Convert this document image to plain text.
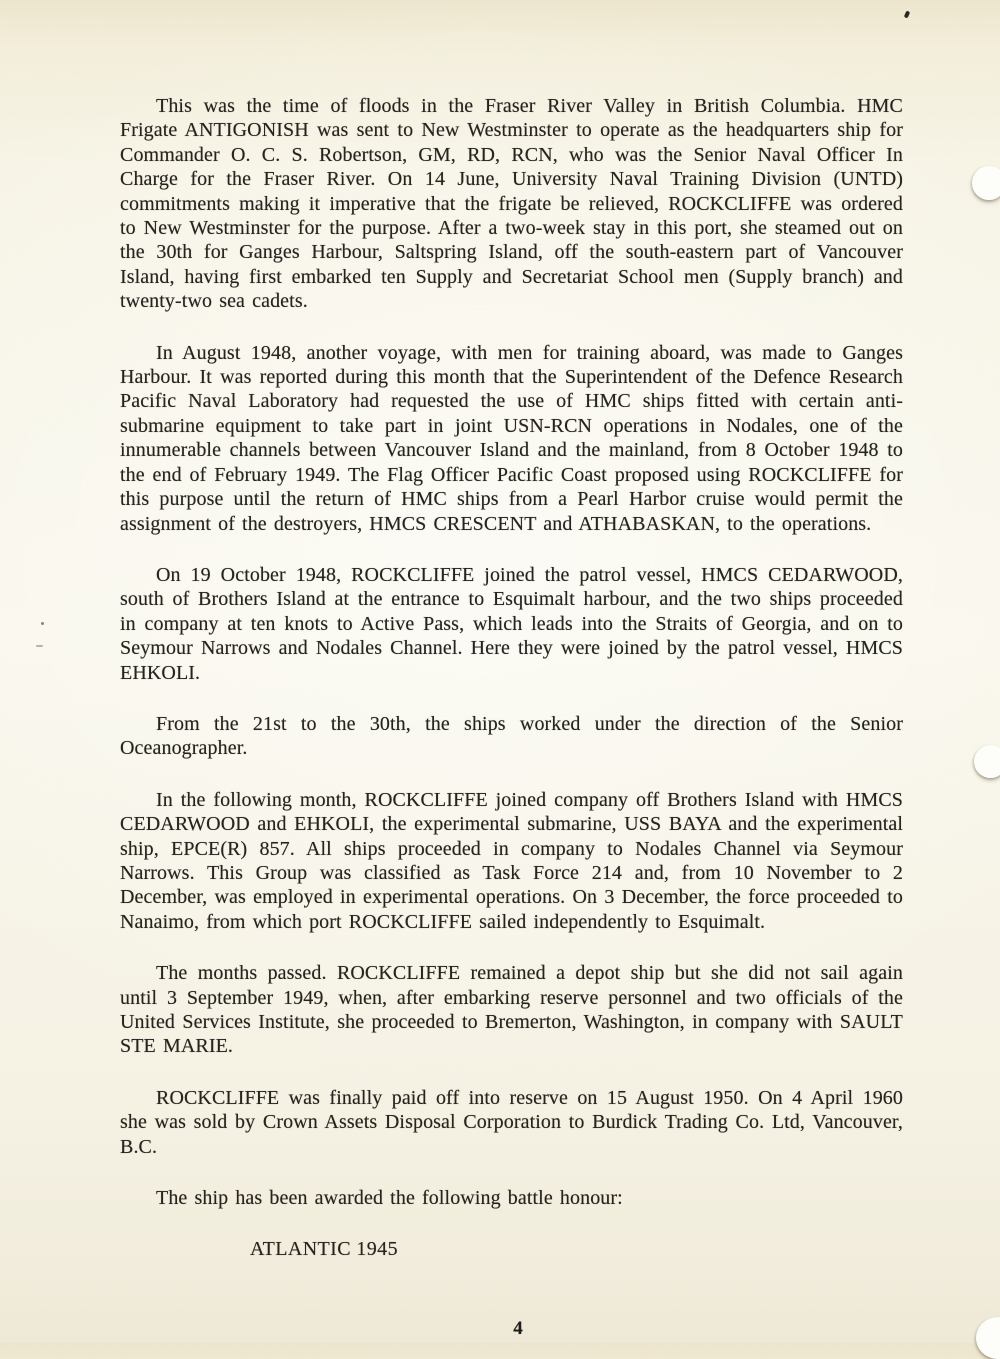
This was the time of floods in the Fraser River Valley in British Columbia. HMC Frigate ANTIGONISH was sent to New Westminster to operate as the headquarters ship for Commander O. C. S. Robertson, GM, RD, RCN, who was the Senior Naval Officer In Charge for the Fraser River. On 14 June, University Naval Training Division (UNTD) commitments making it imperative that the frigate be relieved, ROCKCLIFFE was ordered to New Westminster for the purpose. After a two-week stay in this port, she steamed out on the 30th for Ganges Harbour, Saltspring Island, off the south-eastern part of Vancouver Island, having first embarked ten Supply and Secretariat School men (Supply branch) and twenty-two sea cadets.

In August 1948, another voyage, with men for training aboard, was made to Ganges Harbour. It was reported during this month that the Superintendent of the Defence Research Pacific Naval Laboratory had requested the use of HMC ships fitted with certain anti-submarine equipment to take part in joint USN-RCN operations in Nodales, one of the innumerable channels between Vancouver Island and the mainland, from 8 October 1948 to the end of February 1949. The Flag Officer Pacific Coast proposed using ROCKCLIFFE for this purpose until the return of HMC ships from a Pearl Harbor cruise would permit the assignment of the destroyers, HMCS CRESCENT and ATHABASKAN, to the operations.

On 19 October 1948, ROCKCLIFFE joined the patrol vessel, HMCS CEDARWOOD, south of Brothers Island at the entrance to Esquimalt harbour, and the two ships proceeded in company at ten knots to Active Pass, which leads into the Straits of Georgia, and on to Seymour Narrows and Nodales Channel. Here they were joined by the patrol vessel, HMCS EHKOLI.

From the 21st to the 30th, the ships worked under the direction of the Senior Oceanographer.

In the following month, ROCKCLIFFE joined company off Brothers Island with HMCS CEDARWOOD and EHKOLI, the experimental submarine, USS BAYA and the experimental ship, EPCE(R) 857. All ships proceeded in company to Nodales Channel via Seymour Narrows. This Group was classified as Task Force 214 and, from 10 November to 2 December, was employed in experimental operations. On 3 December, the force proceeded to Nanaimo, from which port ROCKCLIFFE sailed independently to Esquimalt.

The months passed. ROCKCLIFFE remained a depot ship but she did not sail again until 3 September 1949, when, after embarking reserve personnel and two officials of the United Services Institute, she proceeded to Bremerton, Washington, in company with SAULT STE MARIE.

ROCKCLIFFE was finally paid off into reserve on 15 August 1950. On 4 April 1960 she was sold by Crown Assets Disposal Corporation to Burdick Trading Co. Ltd, Vancouver, B.C.

The ship has been awarded the following battle honour:

ATLANTIC 1945

4
